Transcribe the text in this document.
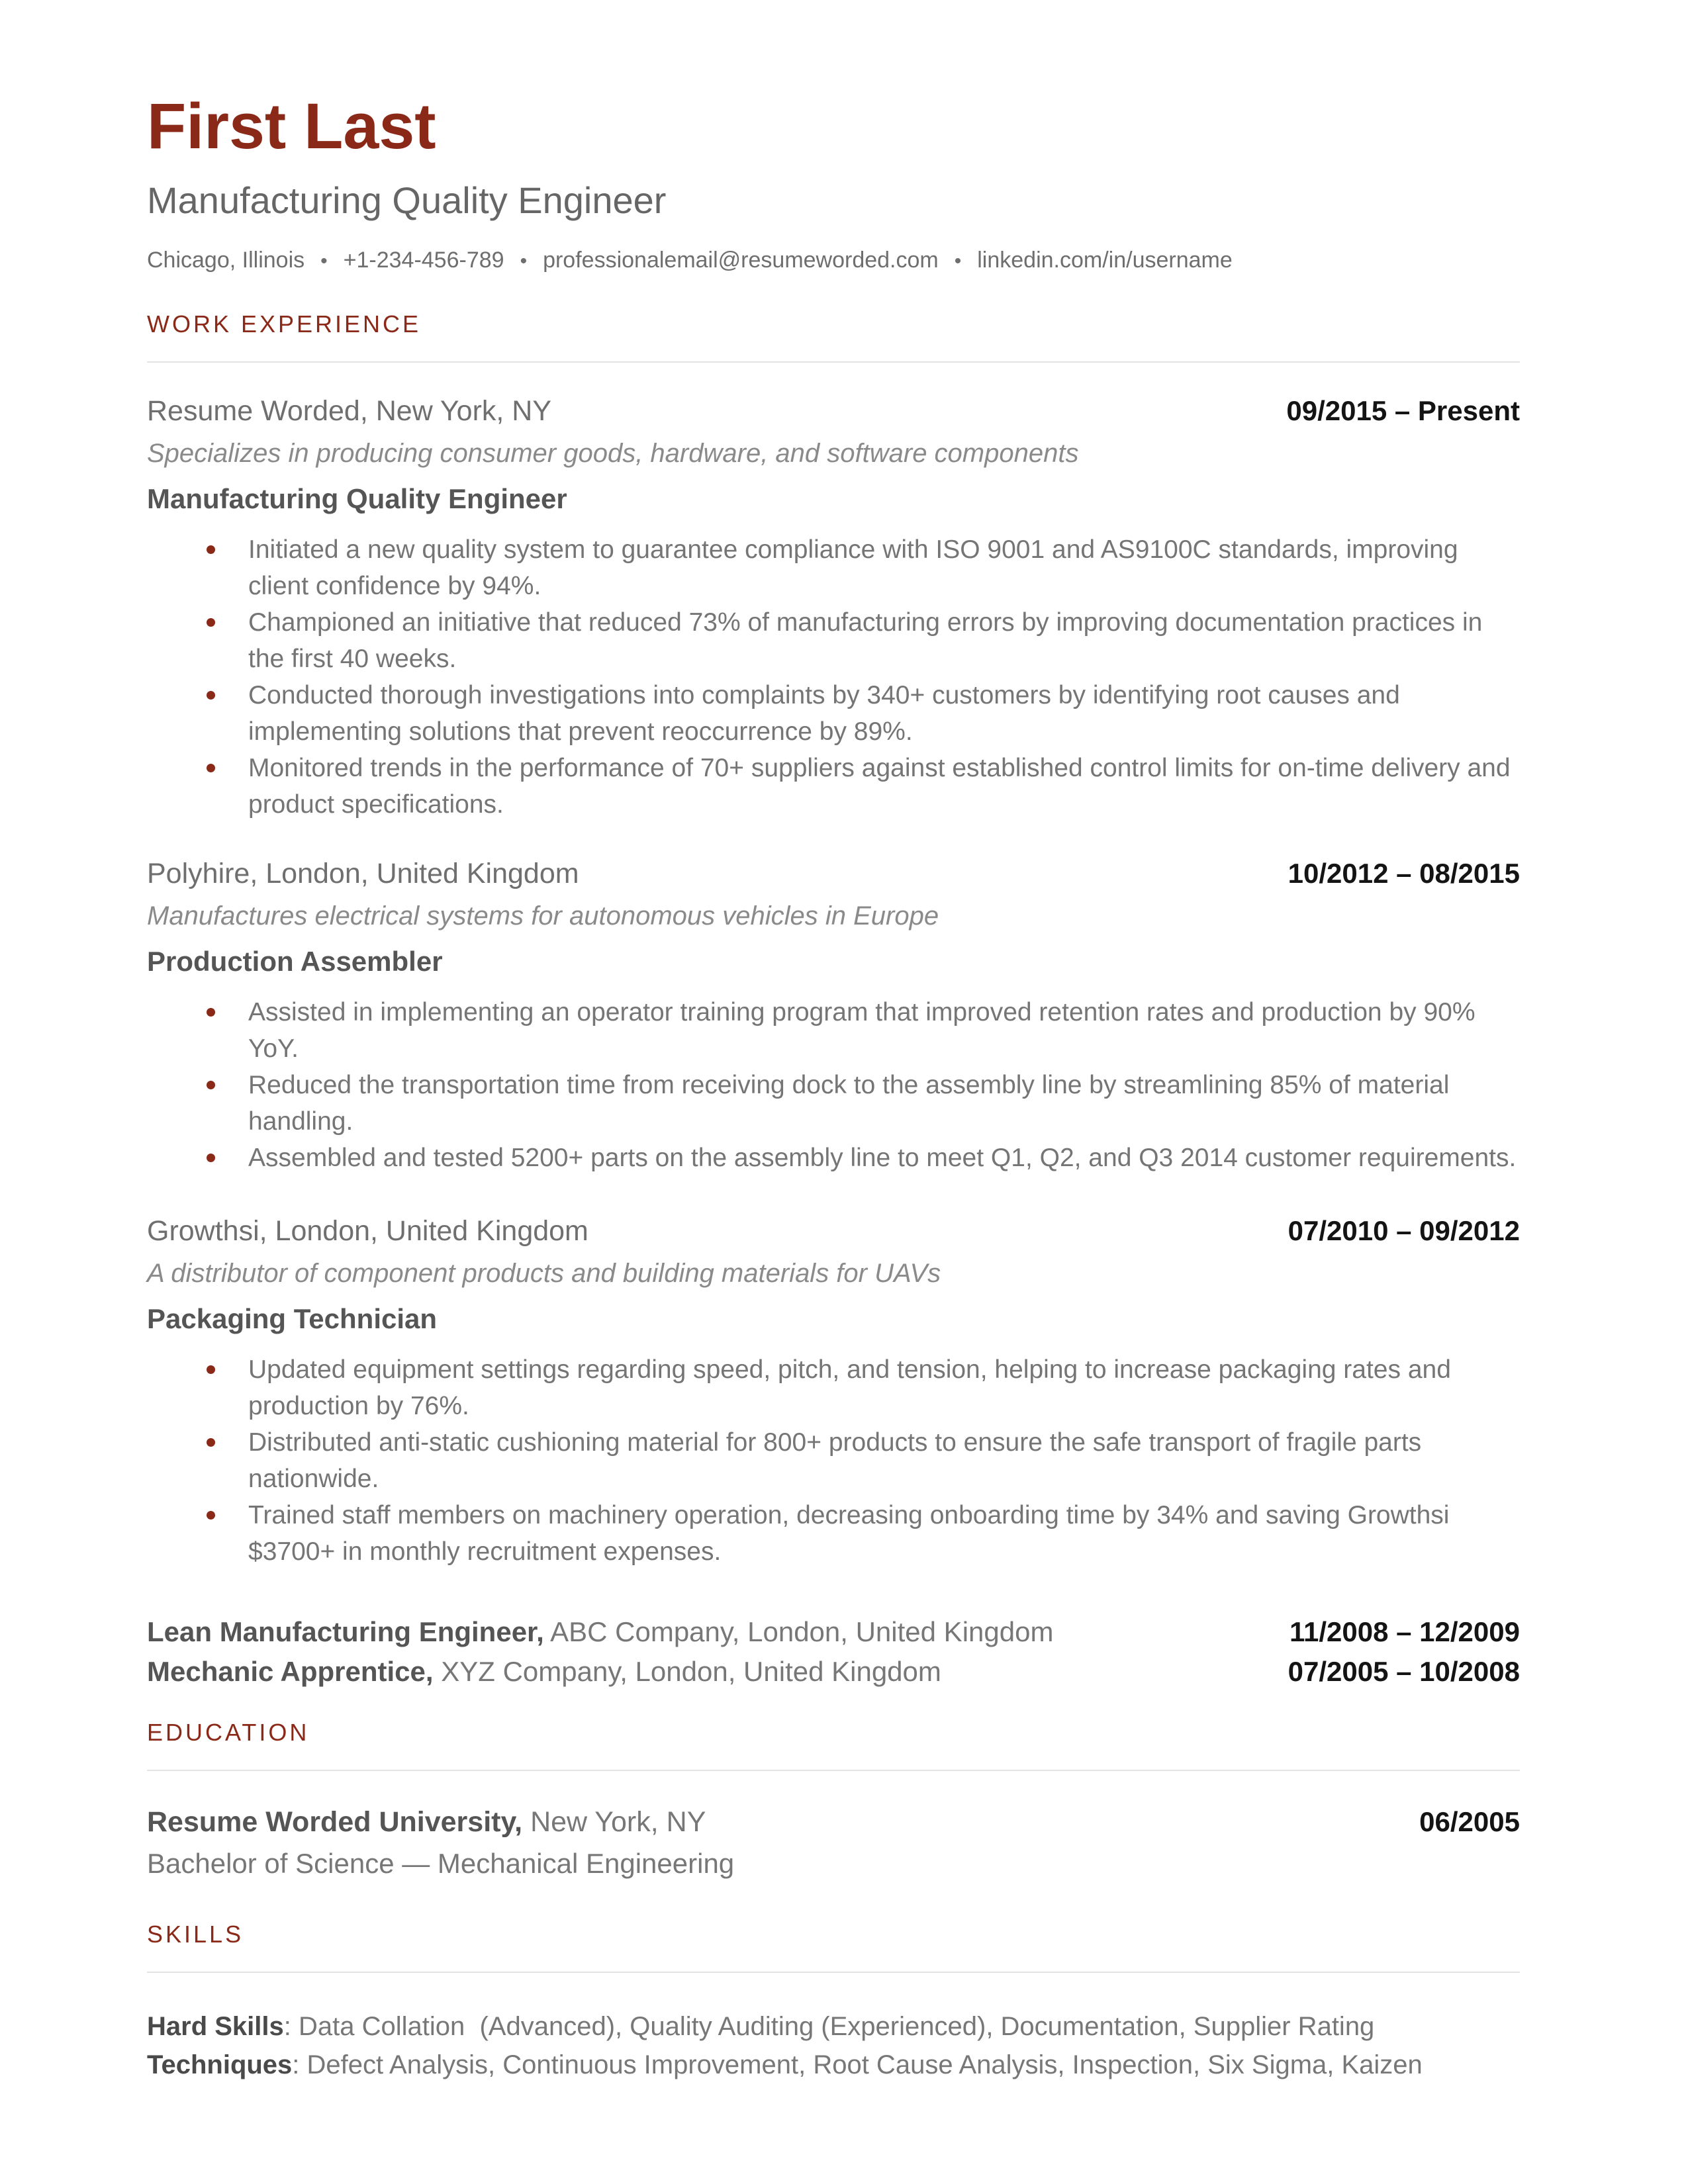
First Last
Manufacturing Quality Engineer
Chicago, Illinois • +1-234-456-789 • professionalemail@resumeworded.com • linkedin.com/in/username
WORK EXPERIENCE
Resume Worded, New York, NY	09/2015 – Present
Specializes in producing consumer goods, hardware, and software components
Manufacturing Quality Engineer
Initiated a new quality system to guarantee compliance with ISO 9001 and AS9100C standards, improving client confidence by 94%.
Championed an initiative that reduced 73% of manufacturing errors by improving documentation practices in the first 40 weeks.
Conducted thorough investigations into complaints by 340+ customers by identifying root causes and implementing solutions that prevent reoccurrence by 89%.
Monitored trends in the performance of 70+ suppliers against established control limits for on-time delivery and product specifications.
Polyhire, London, United Kingdom	10/2012 – 08/2015
Manufactures electrical systems for autonomous vehicles in Europe
Production Assembler
Assisted in implementing an operator training program that improved retention rates and production by 90% YoY.
Reduced the transportation time from receiving dock to the assembly line by streamlining 85% of material handling.
Assembled and tested 5200+ parts on the assembly line to meet Q1, Q2, and Q3 2014 customer requirements.
Growthsi, London, United Kingdom	07/2010 – 09/2012
A distributor of component products and building materials for UAVs
Packaging Technician
Updated equipment settings regarding speed, pitch, and tension, helping to increase packaging rates and production by 76%.
Distributed anti-static cushioning material for 800+ products to ensure the safe transport of fragile parts nationwide.
Trained staff members on machinery operation, decreasing onboarding time by 34% and saving Growthsi $3700+ in monthly recruitment expenses.
Lean Manufacturing Engineer, ABC Company, London, United Kingdom	11/2008 – 12/2009
Mechanic Apprentice, XYZ Company, London, United Kingdom	07/2005 – 10/2008
EDUCATION
Resume Worded University, New York, NY	06/2005
Bachelor of Science — Mechanical Engineering
SKILLS
Hard Skills: Data Collation  (Advanced), Quality Auditing (Experienced), Documentation, Supplier Rating
Techniques: Defect Analysis, Continuous Improvement, Root Cause Analysis, Inspection, Six Sigma, Kaizen
